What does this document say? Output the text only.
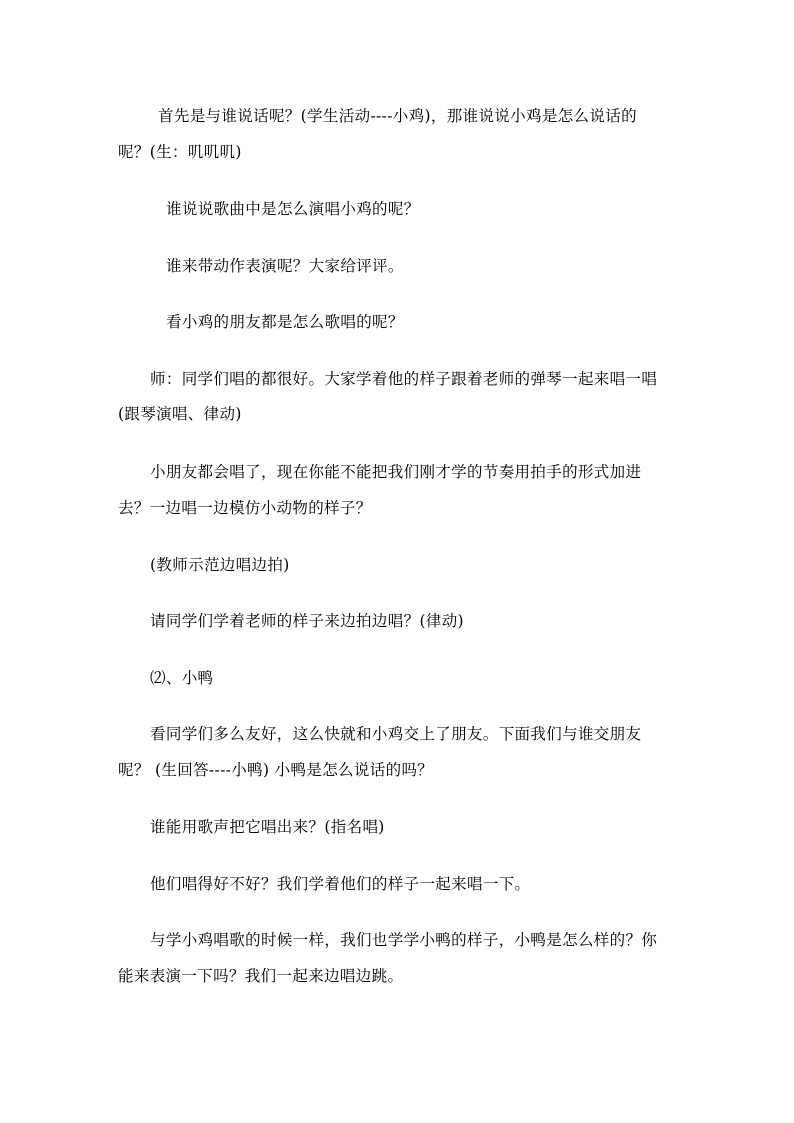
首先是与谁说话呢？(学生活动----小鸡)，那谁说说小鸡是怎么说话的

呢？(生：叽叽叽)

谁说说歌曲中是怎么演唱小鸡的呢？

谁来带动作表演呢？大家给评评。

看小鸡的朋友都是怎么歌唱的呢？

师：同学们唱的都很好。大家学着他的样子跟着老师的弹琴一起来唱一唱

(跟琴演唱、律动)

小朋友都会唱了，现在你能不能把我们刚才学的节奏用拍手的形式加进

去？一边唱一边模仿小动物的样子？

(教师示范边唱边拍)

请同学们学着老师的样子来边拍边唱？(律动)

⑵、小鸭

看同学们多么友好，这么快就和小鸡交上了朋友。下面我们与谁交朋友

呢？ (生回答----小鸭) 小鸭是怎么说话的吗？

谁能用歌声把它唱出来？(指名唱)

他们唱得好不好？我们学着他们的样子一起来唱一下。

与学小鸡唱歌的时候一样，我们也学学小鸭的样子，小鸭是怎么样的？你

能来表演一下吗？我们一起来边唱边跳。
